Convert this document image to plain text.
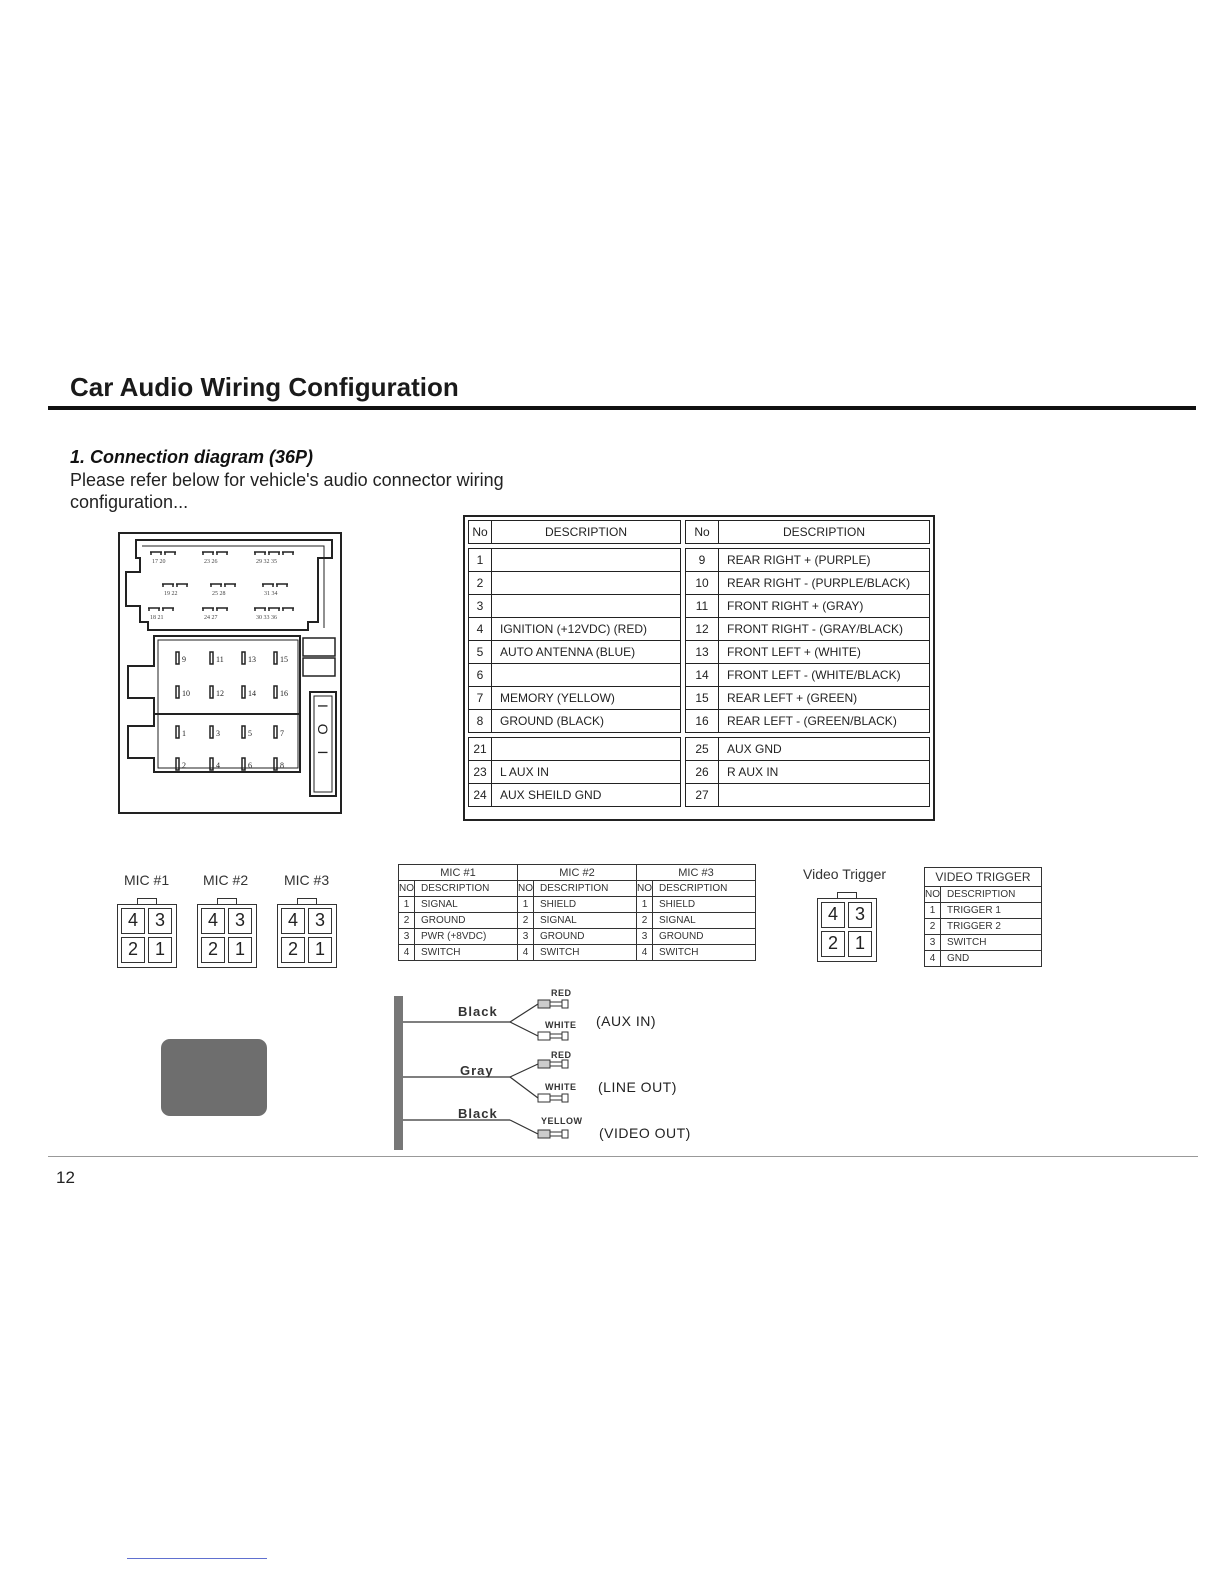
Car Audio Wiring Configuration
1. Connection diagram (36P)
Please refer below for vehicle's audio connector wiring configuration...
17 20	23 26	29 32 35
19 22	25 28	31 34
18 21	24 27	30 33 36
9	11	13	15
10	12	14	16
1	3	5	7
2	4	6	8
I O I
No	DESCRIPTION

1	
2	
3	
4	IGNITION (+12VDC) (RED)
5	AUTO ANTENNA (BLUE)
6	
7	MEMORY (YELLOW)
8	GROUND (BLACK)

21	
23	L AUX IN
24	AUX SHEILD GND
No	DESCRIPTION

9	REAR RIGHT + (PURPLE)
10	REAR RIGHT - (PURPLE/BLACK)
11	FRONT RIGHT + (GRAY)
12	FRONT RIGHT - (GRAY/BLACK)
13	FRONT LEFT + (WHITE)
14	FRONT LEFT - (WHITE/BLACK)
15	REAR LEFT + (GREEN)
16	REAR LEFT - (GREEN/BLACK)

25	AUX GND
26	R AUX IN
27	
MIC #1 MIC #2	MIC #3
4 3
2 1
4 3
2 1
4 3
2 1
MIC #1		MIC #2		MIC #3	
NO	DESCRIPTION	NO	DESCRIPTION	NO	DESCRIPTION
1	SIGNAL	1	SHIELD	1	SHIELD
2	GROUND	2	SIGNAL	2	SIGNAL
3	PWR (+8VDC)	3	GROUND	3	GROUND
4	SWITCH	4	SWITCH	4	SWITCH
Video Trigger
4 3
2 1
VIDEO TRIGGER	
NO	DESCRIPTION
1	TRIGGER 1
2	TRIGGER 2
3	SWITCH
4	GND
Black
Gray
Black
RED
WHITE
RED
WHITE
YELLOW
(AUX IN)
(LINE OUT)
(VIDEO OUT)
12
